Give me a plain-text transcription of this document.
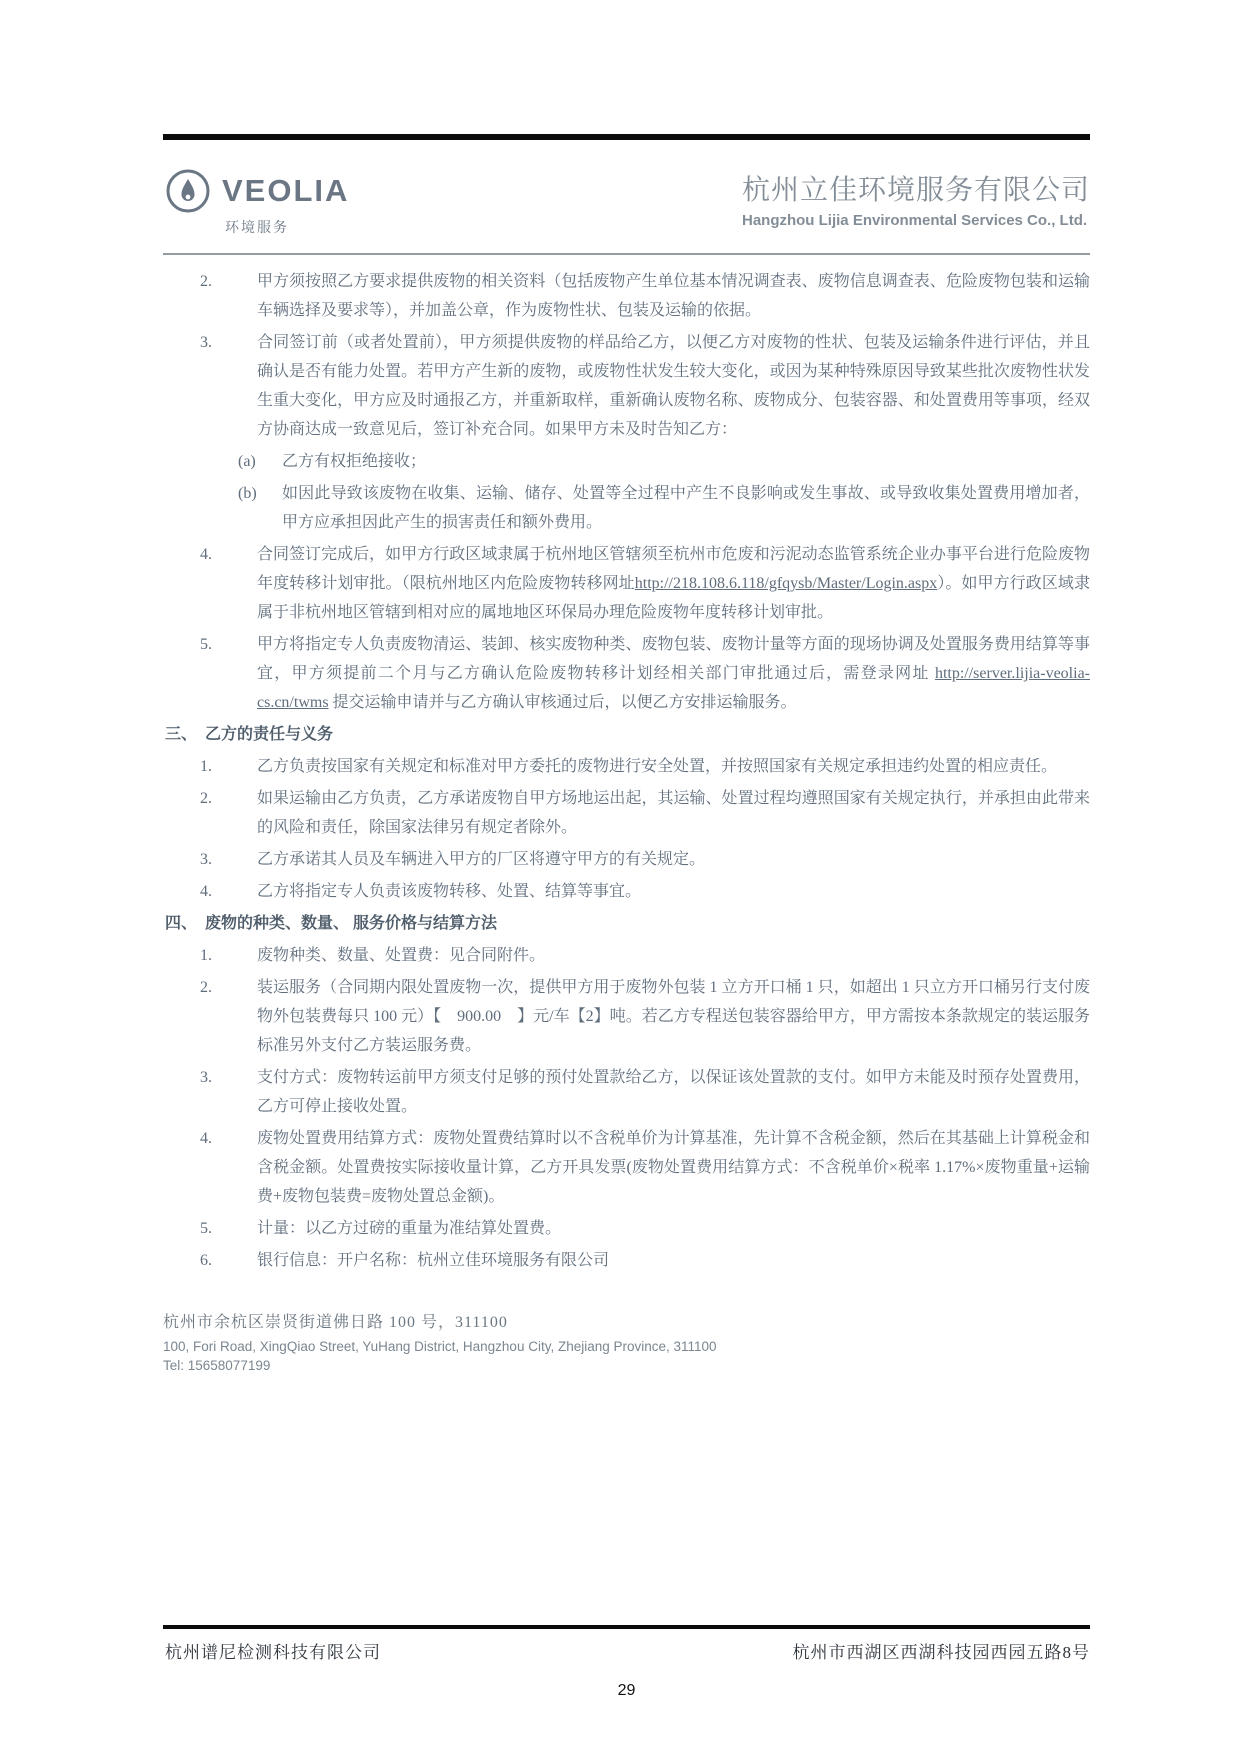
VEOLIA
环境服务
杭州立佳环境服务有限公司
Hangzhou Lijia Environmental Services Co., Ltd.
2.	甲方须按照乙方要求提供废物的相关资料（包括废物产生单位基本情况调查表、废物信息调查表、危险废物包装和运输车辆选择及要求等），并加盖公章，作为废物性状、包装及运输的依据。
3.	合同签订前（或者处置前），甲方须提供废物的样品给乙方，以便乙方对废物的性状、包装及运输条件进行评估，并且确认是否有能力处置。若甲方产生新的废物，或废物性状发生较大变化，或因为某种特殊原因导致某些批次废物性状发生重大变化，甲方应及时通报乙方，并重新取样，重新确认废物名称、废物成分、包装容器、和处置费用等事项，经双方协商达成一致意见后，签订补充合同。如果甲方未及时告知乙方：
(a)	乙方有权拒绝接收；
(b)	如因此导致该废物在收集、运输、储存、处置等全过程中产生不良影响或发生事故、或导致收集处置费用增加者，甲方应承担因此产生的损害责任和额外费用。
4.	合同签订完成后，如甲方行政区域隶属于杭州地区管辖须至杭州市危废和污泥动态监管系统企业办事平台进行危险废物年度转移计划审批。（限杭州地区内危险废物转移网址http://218.108.6.118/gfqysb/Master/Login.aspx）。如甲方行政区域隶属于非杭州地区管辖到相对应的属地地区环保局办理危险废物年度转移计划审批。
5.	甲方将指定专人负责废物清运、装卸、核实废物种类、废物包装、废物计量等方面的现场协调及处置服务费用结算等事宜，甲方须提前二个月与乙方确认危险废物转移计划经相关部门审批通过后，需登录网址 http://server.lijia-veolia-cs.cn/twms 提交运输申请并与乙方确认审核通过后，以便乙方安排运输服务。
三、 乙方的责任与义务
1.	乙方负责按国家有关规定和标准对甲方委托的废物进行安全处置，并按照国家有关规定承担违约处置的相应责任。
2.	如果运输由乙方负责，乙方承诺废物自甲方场地运出起，其运输、处置过程均遵照国家有关规定执行，并承担由此带来的风险和责任，除国家法律另有规定者除外。
3.	乙方承诺其人员及车辆进入甲方的厂区将遵守甲方的有关规定。
4.	乙方将指定专人负责该废物转移、处置、结算等事宜。
四、 废物的种类、数量、 服务价格与结算方法
1.	废物种类、数量、处置费：见合同附件。
2.	装运服务（合同期内限处置废物一次，提供甲方用于废物外包装 1 立方开口桶 1 只，如超出 1 只立方开口桶另行支付废物外包装费每只 100 元）【　900.00　】元/车【2】吨。若乙方专程送包装容器给甲方，甲方需按本条款规定的装运服务标准另外支付乙方装运服务费。
3.	支付方式：废物转运前甲方须支付足够的预付处置款给乙方，以保证该处置款的支付。如甲方未能及时预存处置费用，乙方可停止接收处置。
4.	废物处置费用结算方式：废物处置费结算时以不含税单价为计算基准，先计算不含税金额，然后在其基础上计算税金和含税金额。处置费按实际接收量计算，乙方开具发票(废物处置费用结算方式：不含税单价×税率 1.17%×废物重量+运输费+废物包装费=废物处置总金额)。
5.	计量：以乙方过磅的重量为准结算处置费。
6.	银行信息：开户名称：杭州立佳环境服务有限公司
杭州市余杭区崇贤街道佛日路 100 号，311100
100, Fori Road, XingQiao Street, YuHang District, Hangzhou City, Zhejiang Province, 311100
Tel: 15658077199
杭州谱尼检测科技有限公司	杭州市西湖区西湖科技园西园五路8号
29
